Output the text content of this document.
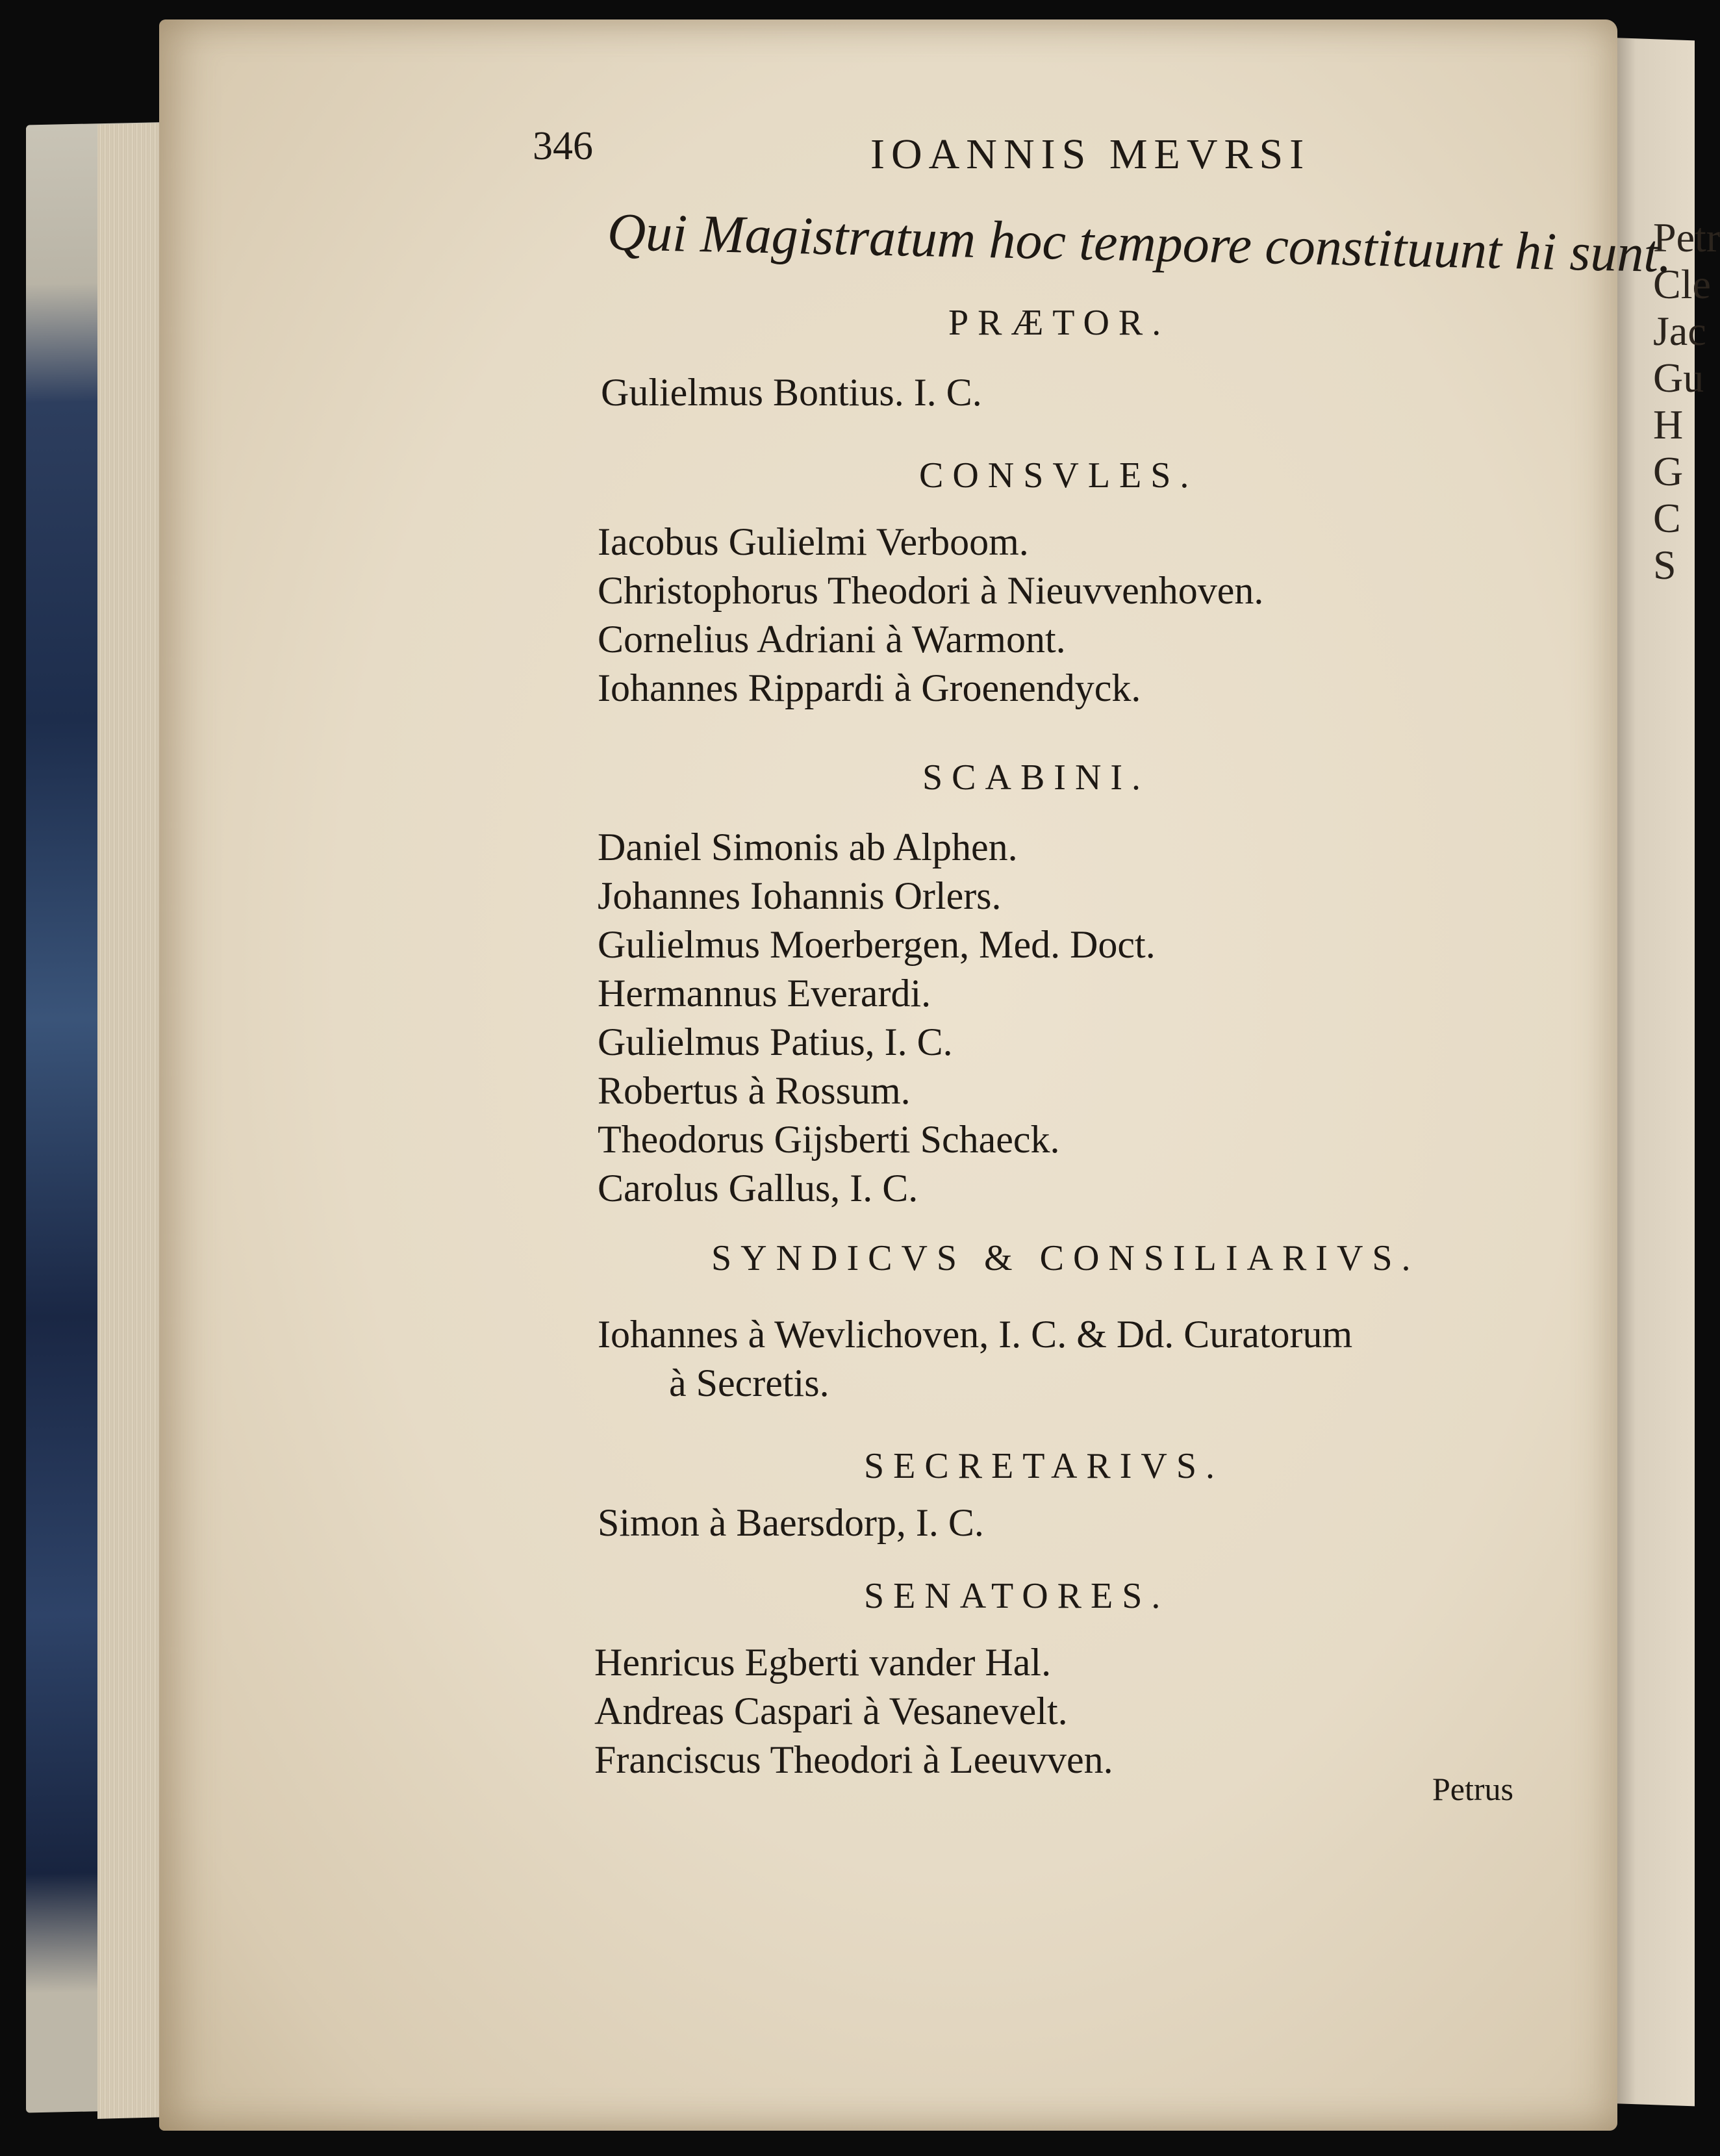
Petr
Cle
Jac
Gu
H
G
C
S
346	IOANNIS MEVRSI
Qui Magistratum hoc tempore constituunt hi sunt.
PRÆTOR.
Gulielmus Bontius. I. C.
CONSVLES.
Iacobus Gulielmi Verboom.
Christophorus Theodori à Nieuvvenhoven.
Cornelius Adriani à Warmont.
Iohannes Rippardi à Groenendyck.
SCABINI.
Daniel Simonis ab Alphen.
Johannes Iohannis Orlers.
Gulielmus Moerbergen, Med. Doct.
Hermannus Everardi.
Gulielmus Patius, I. C.
Robertus à Rossum.
Theodorus Gijsberti Schaeck.
Carolus Gallus, I. C.
SYNDICVS & CONSILIARIVS.
Iohannes à Wevlichoven, I. C. & Dd. Curatorum
à Secretis.
SECRETARIVS.
Simon à Baersdorp, I. C.
SENATORES.
Henricus Egberti vander Hal.
Andreas Caspari à Vesanevelt.
Franciscus Theodori à Leeuvven.
Petrus
